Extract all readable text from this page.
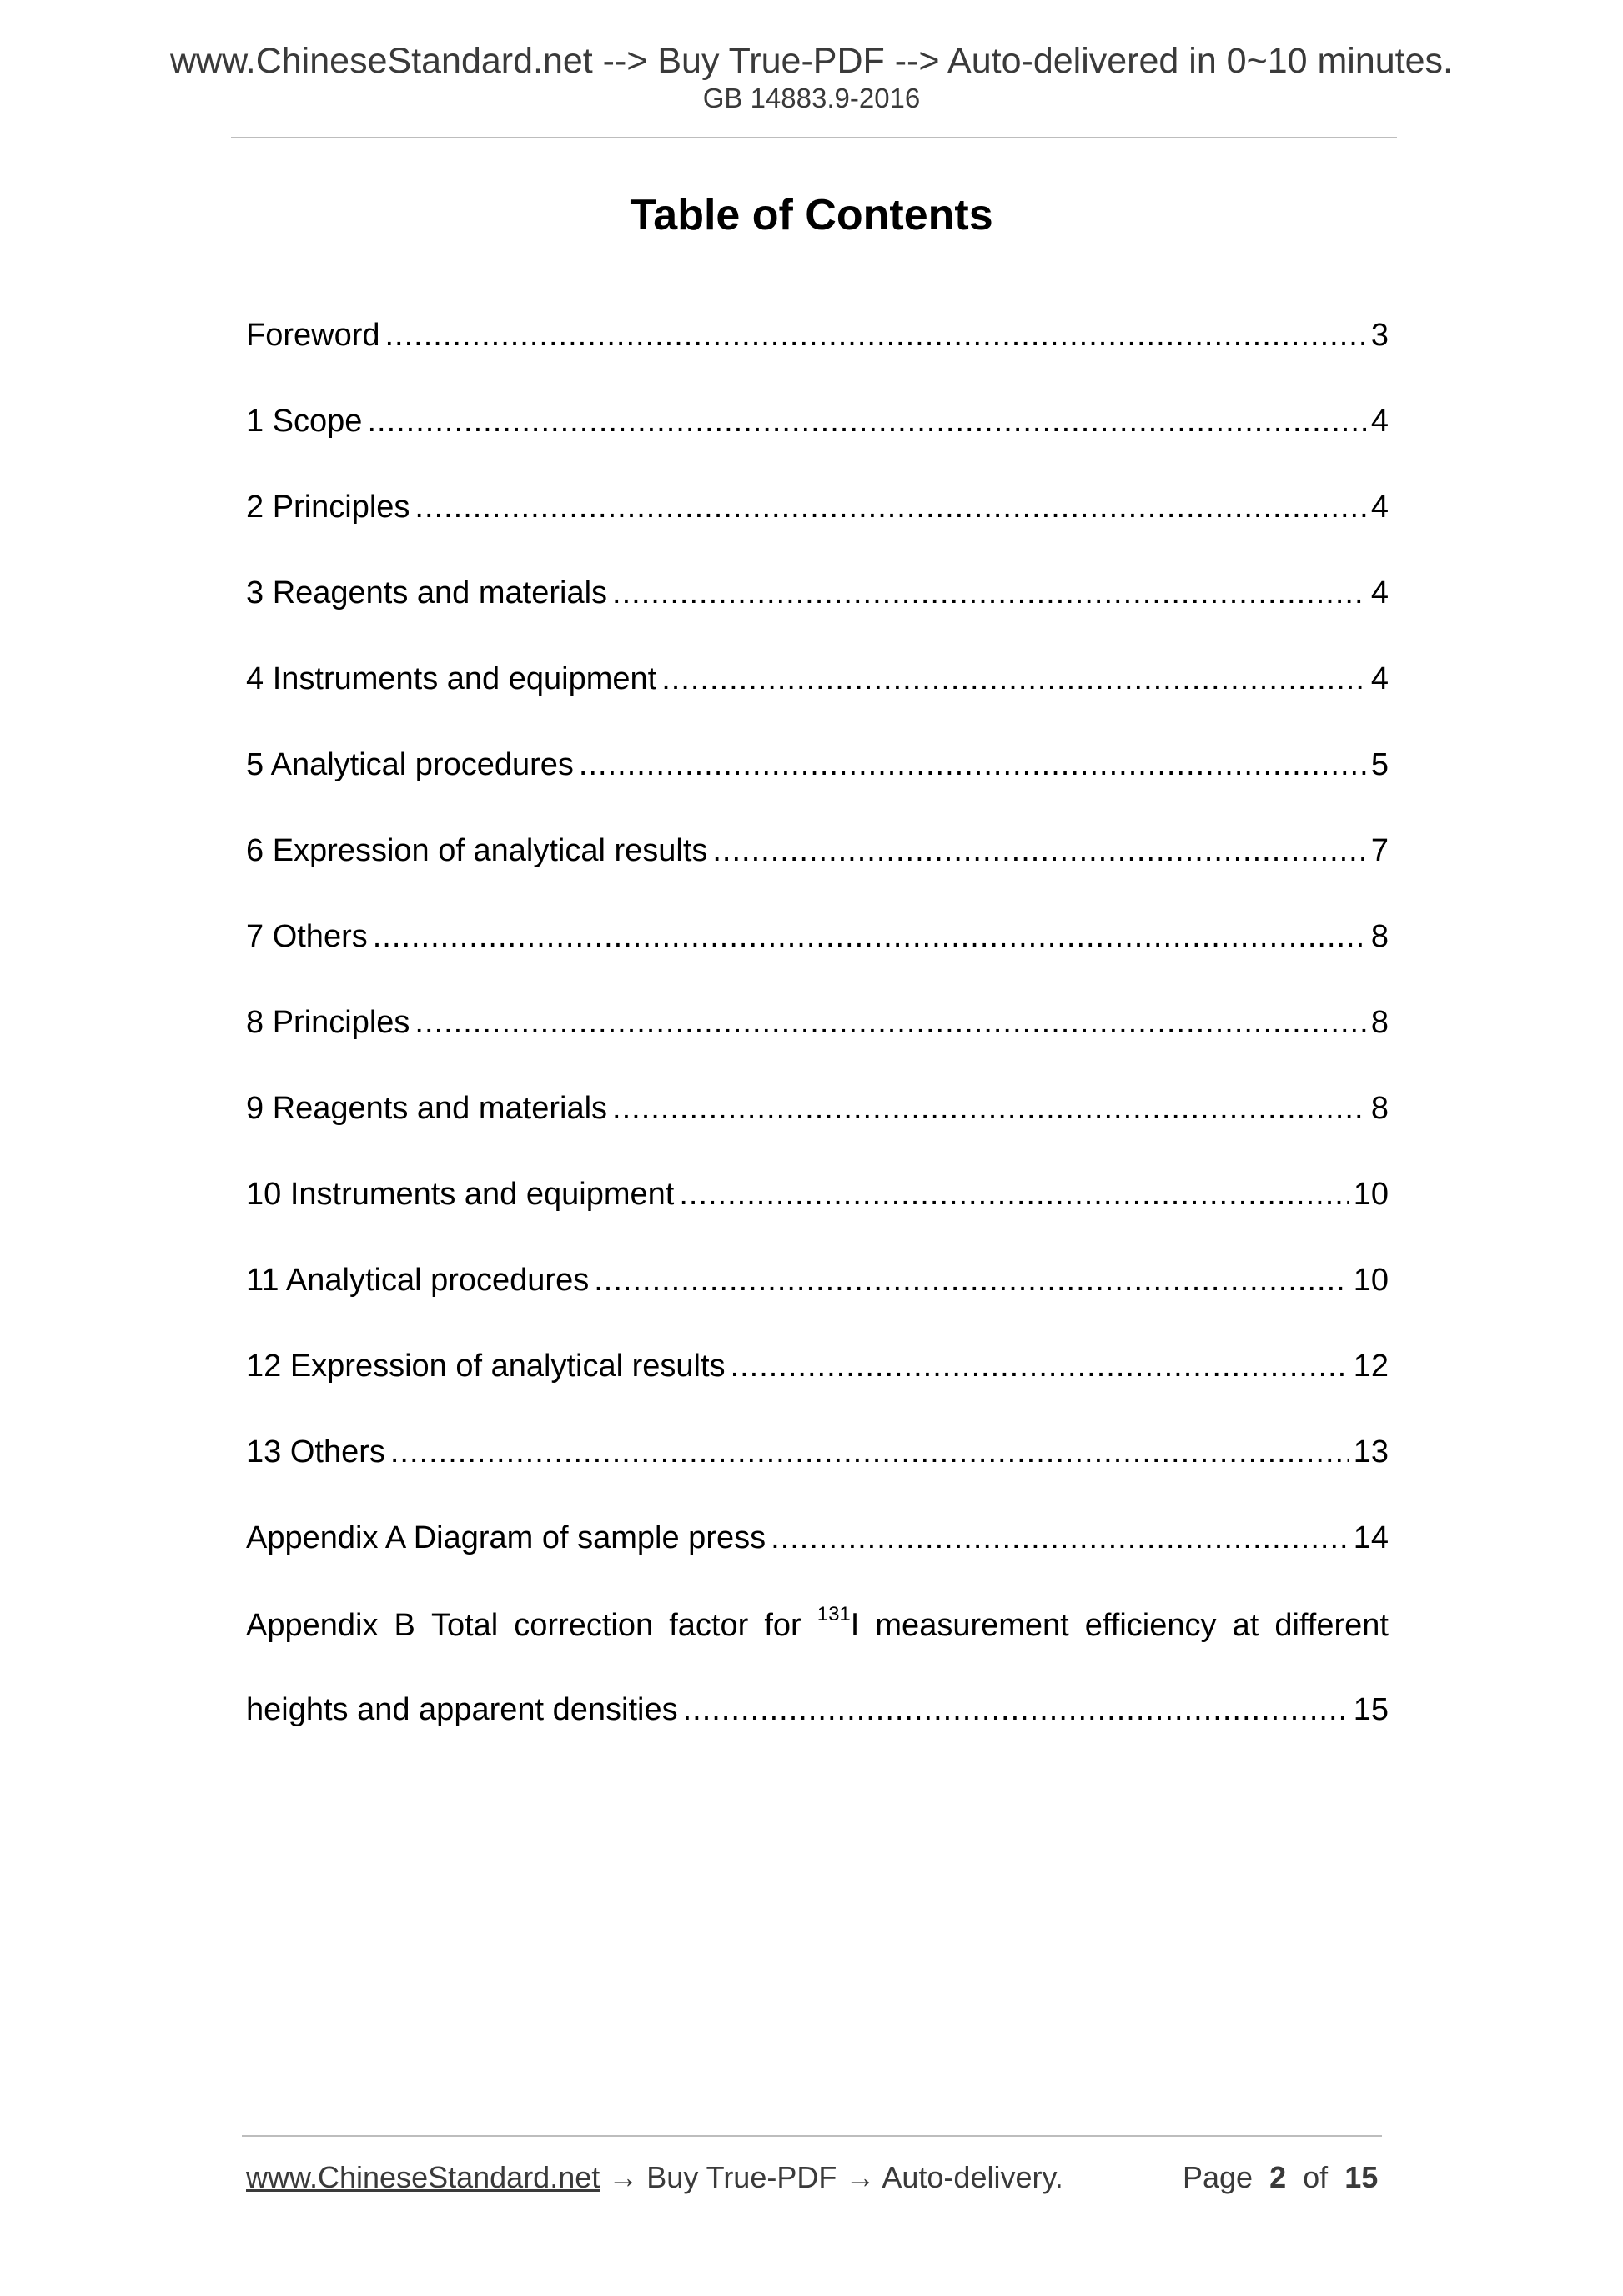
www.ChineseStandard.net --> Buy True-PDF --> Auto-delivered in 0~10 minutes.
GB 14883.9-2016
Table of Contents
Foreword .....	3
1 Scope .....	4
2 Principles .....	4
3 Reagents and materials .....	4
4 Instruments and equipment .....	4
5 Analytical procedures .....	5
6 Expression of analytical results .....	7
7 Others .....	8
8 Principles .....	8
9 Reagents and materials .....	8
10 Instruments and equipment .....	10
11 Analytical procedures .....	10
12 Expression of analytical results .....	12
13 Others .....	13
Appendix A Diagram of sample press .....	14
Appendix B Total correction factor for $^{131}$I measurement efficiency at different
heights and apparent densities .....	15
www.ChineseStandard.net → Buy True-PDF → Auto-delivery.	Page 2 of 15
